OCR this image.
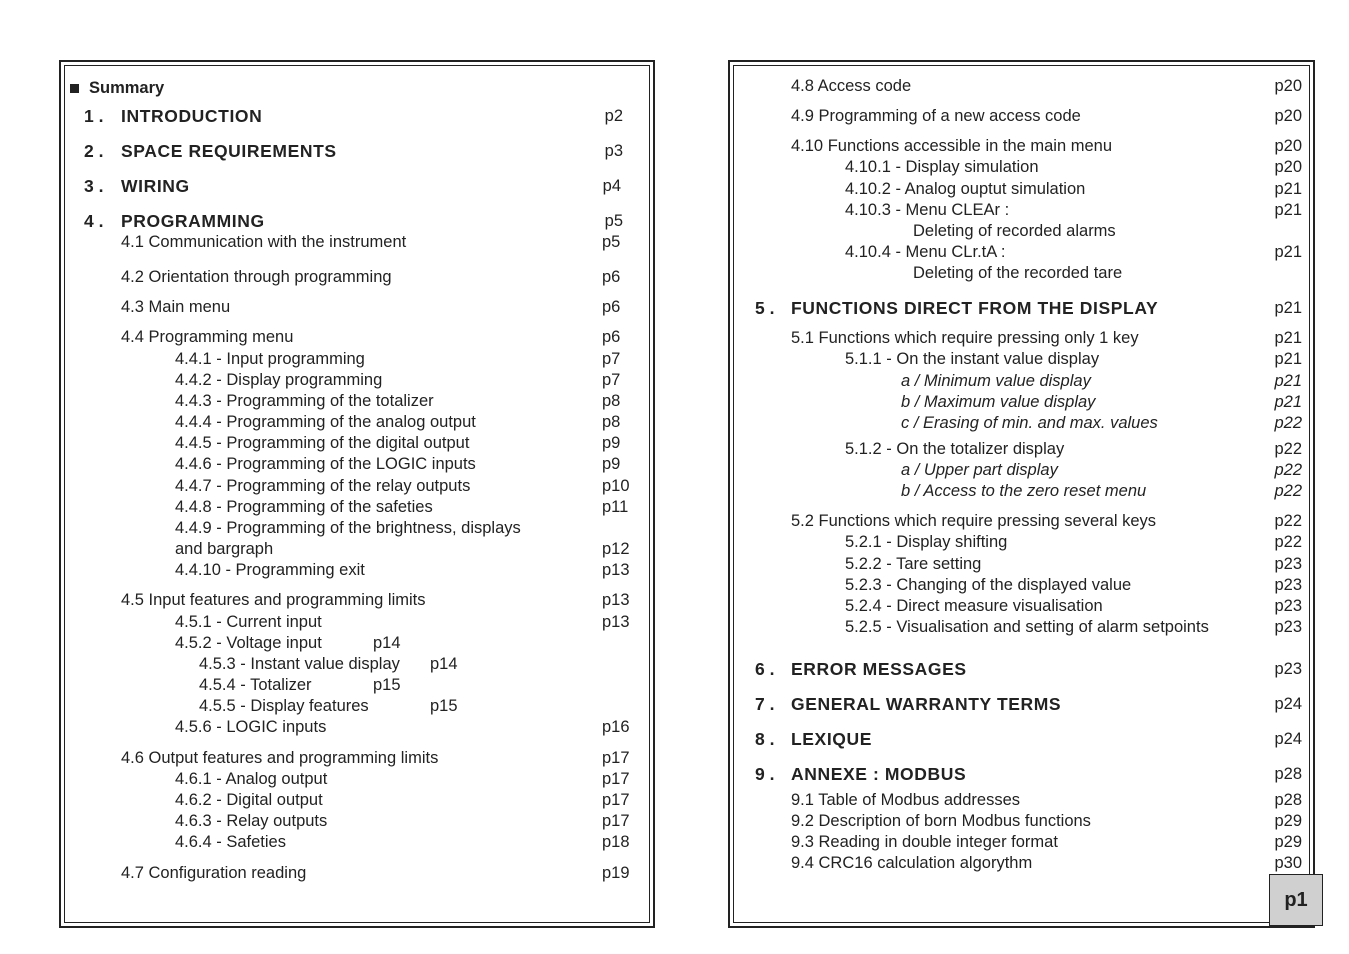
Summary
1 . INTRODUCTION	p2
2 . SPACE REQUIREMENTS	p3
3 . WIRING	p4
4 . PROGRAMMING	p5
4.1 Communication with the instrument	p5
4.2 Orientation through programming	p6
4.3 Main menu	p6
4.4 Programming menu	p6
4.4.1 - Input programming	p7
4.4.2 - Display programming	p7
4.4.3 - Programming of the totalizer	p8
4.4.4 - Programming of the analog output	p8
4.4.5 - Programming of the digital output	p9
4.4.6 - Programming of the LOGIC inputs	p9
4.4.7 - Programming of the relay outputs	p10
4.4.8 - Programming of the safeties	p11
4.4.9 - Programming of the brightness, displays
and bargraph	p12
4.4.10 - Programming exit	p13
4.5 Input features and programming limits	p13
4.5.1 - Current input	p13
4.5.2 - Voltage input	p14
4.5.3 - Instant value display p14
4.5.4 - Totalizer	p15
4.5.5 - Display features	p15
4.5.6 - LOGIC inputs	p16
4.6 Output features and programming limits	p17
4.6.1 - Analog output	p17
4.6.2 - Digital output	p17
4.6.3 - Relay outputs	p17
4.6.4 - Safeties	p18
4.7 Configuration reading	p19
5 . FUNCTIONS DIRECT FROM THE DISPLAY	p21
6 . ERROR MESSAGES	p23
7 . GENERAL WARRANTY TERMS	p24
8 . LEXIQUE	p24
9 . ANNEXE : MODBUS	p28
4.8 Access code	p20
4.9 Programming of a new access code	p20
4.10 Functions accessible in the main menu	p20
4.10.1 - Display simulation	p20
4.10.2 - Analog ouptut simulation	p21
4.10.3 - Menu CLEAr :	p21
Deleting of recorded alarms
4.10.4 - Menu CLr.tA :	p21
Deleting of the recorded tare
5.1 Functions which require pressing only 1 key	p21
5.1.1 - On the instant value display	p21
a / Minimum value display	p21
b / Maximum value display	p21
c / Erasing of min. and max. values	p22
5.1.2 - On the totalizer display	p22
a / Upper part display	p22
b / Access to the zero reset menu	p22
5.2 Functions which require pressing several keys	p22
5.2.1 - Display shifting	p22
5.2.2 - Tare setting	p23
5.2.3 - Changing of the displayed value	p23
5.2.4 - Direct measure visualisation	p23
5.2.5 - Visualisation and setting of alarm setpoints	p23
9.1 Table of Modbus addresses	p28
9.2 Description of born Modbus functions	p29
9.3 Reading in double integer format	p29
9.4 CRC16 calculation algorythm	p30
p1
